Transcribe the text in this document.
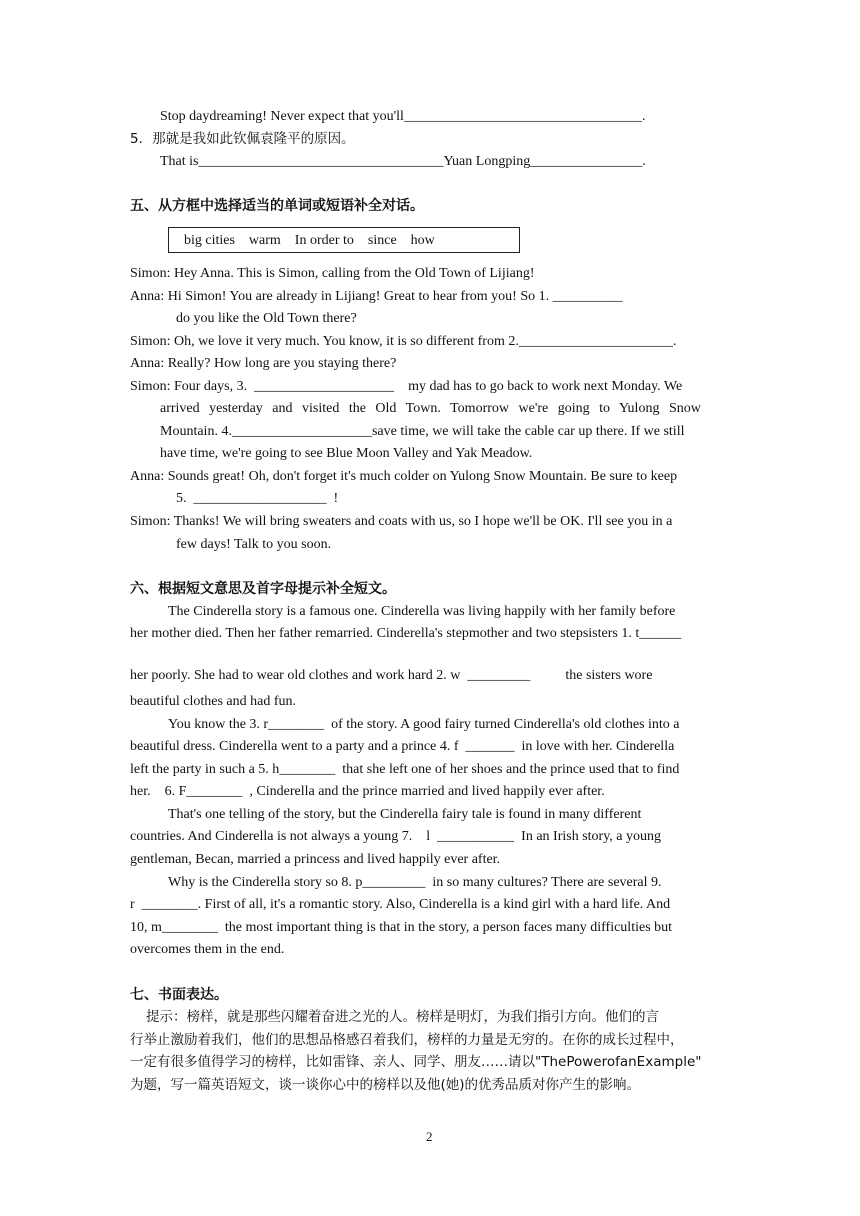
Stop daydreaming! Never expect that you'll__________________________________.
5．那就是我如此钦佩袁隆平的原因。
That is___________________________________Yuan Longping________________.
五、从方框中选择适当的单词或短语补全对话。
big cities    warm    In order to    since    how
Simon: Hey Anna. This is Simon, calling from the Old Town of Lijiang!
Anna: Hi Simon! You are already in Lijiang! Great to hear from you! So 1. __________
do you like the Old Town there?
Simon: Oh, we love it very much. You know, it is so different from 2.______________________.
Anna: Really? How long are you staying there?
Simon: Four days, 3.  ____________________    my dad has to go back to work next Monday. We
arrived yesterday and visited the Old Town. Tomorrow we're going to Yulong Snow
Mountain. 4.____________________save time, we will take the cable car up there. If we still
have time, we're going to see Blue Moon Valley and Yak Meadow.
Anna: Sounds great! Oh, don't forget it's much colder on Yulong Snow Mountain. Be sure to keep
5.  ___________________  !
Simon: Thanks! We will bring sweaters and coats with us, so I hope we'll be OK. I'll see you in a
few days! Talk to you soon.
六、根据短文意思及首字母提示补全短文。
The Cinderella story is a famous one. Cinderella was living happily with her family before
her mother died. Then her father remarried. Cinderella's stepmother and two stepsisters 1. t______
her poorly. She had to wear old clothes and work hard 2. w  _________          the sisters wore
beautiful clothes and had fun.
You know the 3. r________  of the story. A good fairy turned Cinderella's old clothes into a
beautiful dress. Cinderella went to a party and a prince 4. f  _______  in love with her. Cinderella
left the party in such a 5. h________  that she left one of her shoes and the prince used that to find
her.    6. F________  , Cinderella and the prince married and lived happily ever after.
That's one telling of the story, but the Cinderella fairy tale is found in many different
countries. And Cinderella is not always a young 7.    l  ___________  In an Irish story, a young
gentleman, Becan, married a princess and lived happily ever after.
Why is the Cinderella story so 8. p_________  in so many cultures? There are several 9.
r  ________. First of all, it's a romantic story. Also, Cinderella is a kind girl with a hard life. And
10, m________  the most important thing is that in the story, a person faces many difficulties but
overcomes them in the end.
七、书面表达。
提示：榜样，就是那些闪耀着奋进之光的人。榜样是明灯，为我们指引方向。他们的言
行举止激励着我们，他们的思想品格感召着我们，榜样的力量是无穷的。在你的成长过程中，
一定有很多值得学习的榜样，比如雷锋、亲人、同学、朋友……请以"ThePowerofanExample"
为题，写一篇英语短文，谈一谈你心中的榜样以及他(她)的优秀品质对你产生的影响。
2
